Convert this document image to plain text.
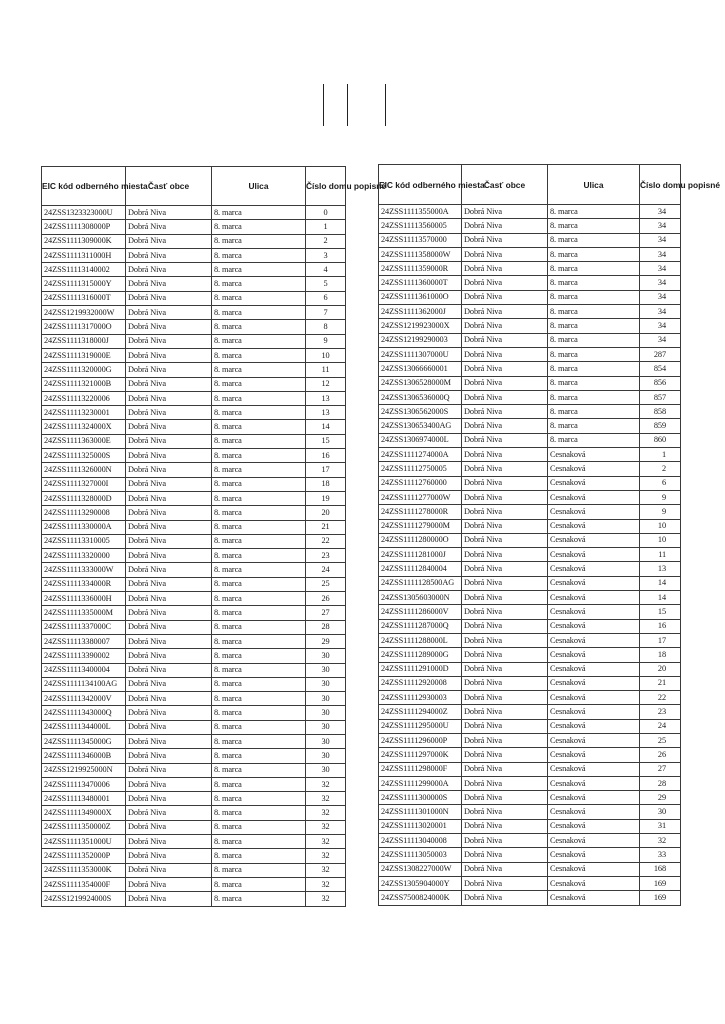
EIC kód odberného miesta	Časť obce	Ulica	Číslo domu popisné
24ZSS1323323000U	Dobrá Niva	8. marca	0
24ZSS1111308000P	Dobrá Niva	8. marca	1
24ZSS1111309000K	Dobrá Niva	8. marca	2
24ZSS1111311000H	Dobrá Niva	8. marca	3
24ZSS11113140002	Dobrá Niva	8. marca	4
24ZSS1111315000Y	Dobrá Niva	8. marca	5
24ZSS1111316000T	Dobrá Niva	8. marca	6
24ZSS1219932000W	Dobrá Niva	8. marca	7
24ZSS1111317000O	Dobrá Niva	8. marca	8
24ZSS1111318000J	Dobrá Niva	8. marca	9
24ZSS1111319000E	Dobrá Niva	8. marca	10
24ZSS1111320000G	Dobrá Niva	8. marca	11
24ZSS1111321000B	Dobrá Niva	8. marca	12
24ZSS11113220006	Dobrá Niva	8. marca	13
24ZSS11113230001	Dobrá Niva	8. marca	13
24ZSS1111324000X	Dobrá Niva	8. marca	14
24ZSS1111363000E	Dobrá Niva	8. marca	15
24ZSS1111325000S	Dobrá Niva	8. marca	16
24ZSS1111326000N	Dobrá Niva	8. marca	17
24ZSS1111327000I	Dobrá Niva	8. marca	18
24ZSS1111328000D	Dobrá Niva	8. marca	19
24ZSS11113290008	Dobrá Niva	8. marca	20
24ZSS1111330000A	Dobrá Niva	8. marca	21
24ZSS11113310005	Dobrá Niva	8. marca	22
24ZSS11113320000	Dobrá Niva	8. marca	23
24ZSS1111333000W	Dobrá Niva	8. marca	24
24ZSS1111334000R	Dobrá Niva	8. marca	25
24ZSS1111336000H	Dobrá Niva	8. marca	26
24ZSS1111335000M	Dobrá Niva	8. marca	27
24ZSS1111337000C	Dobrá Niva	8. marca	28
24ZSS11113380007	Dobrá Niva	8. marca	29
24ZSS11113390002	Dobrá Niva	8. marca	30
24ZSS11113400004	Dobrá Niva	8. marca	30
24ZSS1111134100AG	Dobrá Niva	8. marca	30
24ZSS1111342000V	Dobrá Niva	8. marca	30
24ZSS1111343000Q	Dobrá Niva	8. marca	30
24ZSS1111344000L	Dobrá Niva	8. marca	30
24ZSS1111345000G	Dobrá Niva	8. marca	30
24ZSS1111346000B	Dobrá Niva	8. marca	30
24ZSS1219925000N	Dobrá Niva	8. marca	30
24ZSS11113470006	Dobrá Niva	8. marca	32
24ZSS11113480001	Dobrá Niva	8. marca	32
24ZSS1111349000X	Dobrá Niva	8. marca	32
24ZSS1111350000Z	Dobrá Niva	8. marca	32
24ZSS1111351000U	Dobrá Niva	8. marca	32
24ZSS1111352000P	Dobrá Niva	8. marca	32
24ZSS1111353000K	Dobrá Niva	8. marca	32
24ZSS1111354000F	Dobrá Niva	8. marca	32
24ZSS1219924000S	Dobrá Niva	8. marca	32
EIC kód odberného miesta	Časť obce	Ulica	Číslo domu popisné
24ZSS1111355000A	Dobrá Niva	8. marca	34
24ZSS11113560005	Dobrá Niva	8. marca	34
24ZSS11113570000	Dobrá Niva	8. marca	34
24ZSS1111358000W	Dobrá Niva	8. marca	34
24ZSS1111359000R	Dobrá Niva	8. marca	34
24ZSS1111360000T	Dobrá Niva	8. marca	34
24ZSS1111361000O	Dobrá Niva	8. marca	34
24ZSS1111362000J	Dobrá Niva	8. marca	34
24ZSS1219923000X	Dobrá Niva	8. marca	34
24ZSS12199290003	Dobrá Niva	8. marca	34
24ZSS1111307000U	Dobrá Niva	8. marca	287
24ZSS13066660001	Dobrá Niva	8. marca	854
24ZSS1306528000M	Dobrá Niva	8. marca	856
24ZSS1306536000Q	Dobrá Niva	8. marca	857
24ZSS1306562000S	Dobrá Niva	8. marca	858
24ZSS130653400AG	Dobrá Niva	8. marca	859
24ZSS1306974000L	Dobrá Niva	8. marca	860
24ZSS1111274000A	Dobrá Niva	Cesnaková	1
24ZSS11112750005	Dobrá Niva	Cesnaková	2
24ZSS11112760000	Dobrá Niva	Cesnaková	6
24ZSS1111277000W	Dobrá Niva	Cesnaková	9
24ZSS1111278000R	Dobrá Niva	Cesnaková	9
24ZSS1111279000M	Dobrá Niva	Cesnaková	10
24ZSS1111280000O	Dobrá Niva	Cesnaková	10
24ZSS1111281000J	Dobrá Niva	Cesnaková	11
24ZSS11112840004	Dobrá Niva	Cesnaková	13
24ZSS1111128500AG	Dobrá Niva	Cesnaková	14
24ZSS1305603000N	Dobrá Niva	Cesnaková	14
24ZSS1111286000V	Dobrá Niva	Cesnaková	15
24ZSS1111287000Q	Dobrá Niva	Cesnaková	16
24ZSS1111288000L	Dobrá Niva	Cesnaková	17
24ZSS1111289000G	Dobrá Niva	Cesnaková	18
24ZSS1111291000D	Dobrá Niva	Cesnaková	20
24ZSS11112920008	Dobrá Niva	Cesnaková	21
24ZSS11112930003	Dobrá Niva	Cesnaková	22
24ZSS1111294000Z	Dobrá Niva	Cesnaková	23
24ZSS1111295000U	Dobrá Niva	Cesnaková	24
24ZSS1111296000P	Dobrá Niva	Cesnaková	25
24ZSS1111297000K	Dobrá Niva	Cesnaková	26
24ZSS1111298000F	Dobrá Niva	Cesnaková	27
24ZSS1111299000A	Dobrá Niva	Cesnaková	28
24ZSS1111300000S	Dobrá Niva	Cesnaková	29
24ZSS1111301000N	Dobrá Niva	Cesnaková	30
24ZSS11113020001	Dobrá Niva	Cesnaková	31
24ZSS11113040008	Dobrá Niva	Cesnaková	32
24ZSS11113050003	Dobrá Niva	Cesnaková	33
24ZSS1308227000W	Dobrá Niva	Cesnaková	168
24ZSS1305904000Y	Dobrá Niva	Cesnaková	169
24ZSS7500824000K	Dobrá Niva	Cesnaková	169
